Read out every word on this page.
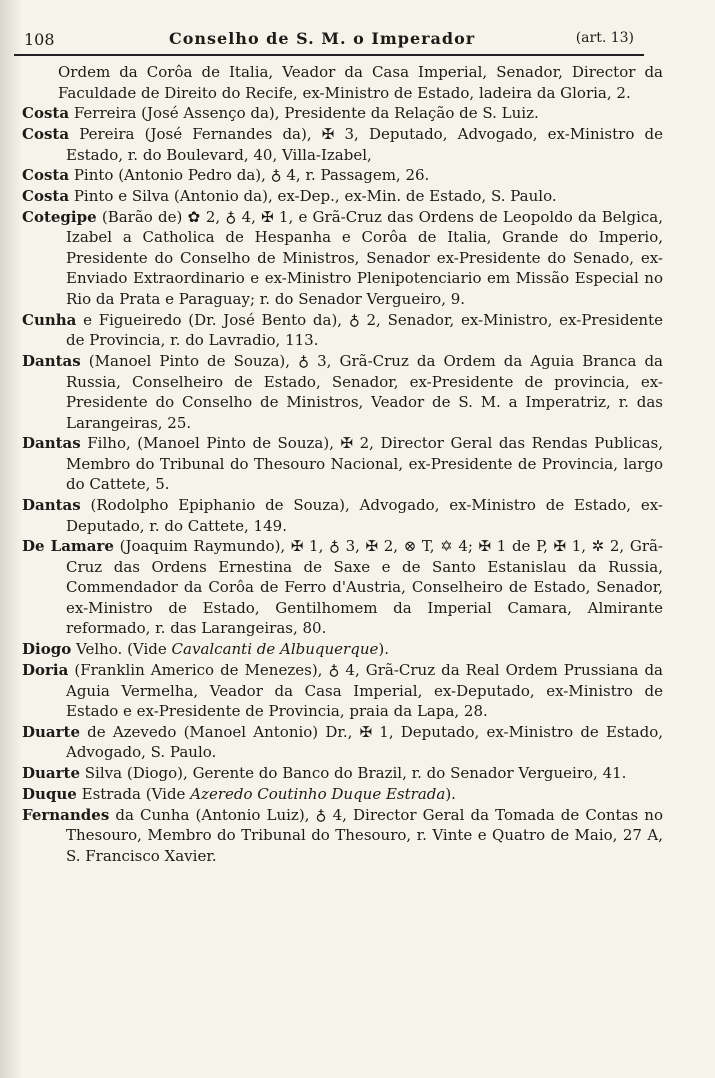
108	Conselho de S. M. o Imperador	(art. 13)
Ordem da Corôa de Italia, Veador da Casa Imperial, Senador, Director da Faculdade de Direito do Recife, ex-Ministro de Estado, ladeira da Gloria, 2.
Costa Ferreira (José Assenço da), Presidente da Relação de S. Luiz.
Costa Pereira (José Fernandes da), ✠ 3, Deputado, Advogado, ex-Ministro de Estado, r. do Boulevard, 40, Villa-Izabel,
Costa Pinto (Antonio Pedro da), ♁ 4, r. Passagem, 26.
Costa Pinto e Silva (Antonio da), ex-Dep., ex-Min. de Estado, S. Paulo.
Cotegipe (Barão de) ✿ 2, ♁ 4, ✠ 1, e Grã-Cruz das Ordens de Leopoldo da Belgica, Izabel a Catholica de Hespanha e Corôa de Italia, Grande do Imperio, Presidente do Conselho de Ministros, Senador ex-Presidente do Senado, ex-Enviado Extraordinario e ex-Ministro Plenipotenciario em Missão Especial no Rio da Prata e Paraguay; r. do Senador Vergueiro, 9.
Cunha e Figueiredo (Dr. José Bento da), ♁ 2, Senador, ex-Ministro, ex-Presidente de Provincia, r. do Lavradio, 113.
Dantas (Manoel Pinto de Souza), ♁ 3, Grã-Cruz da Ordem da Aguia Branca da Russia, Conselheiro de Estado, Senador, ex-Presidente de provincia, ex-Presidente do Conselho de Ministros, Veador de S. M. a Imperatriz, r. das Larangeiras, 25.
Dantas Filho, (Manoel Pinto de Souza), ✠ 2, Director Geral das Rendas Publicas, Membro do Tribunal do Thesouro Nacional, ex-Presidente de Provincia, largo do Cattete, 5.
Dantas (Rodolpho Epiphanio de Souza), Advogado, ex-Ministro de Estado, ex-Deputado, r. do Cattete, 149.
De Lamare (Joaquim Raymundo), ✠ 1, ♁ 3, ✠ 2, ⊗ T, ✡ 4; ✠ 1 de P, ✠ 1, ✲ 2, Grã-Cruz das Ordens Ernestina de Saxe e de Santo Estanislau da Russia, Commendador da Corôa de Ferro d'Austria, Conselheiro de Estado, Senador, ex-Ministro de Estado, Gentilhomem da Imperial Camara, Almirante reformado, r. das Larangeiras, 80.
Diogo Velho. (Vide Cavalcanti de Albuquerque).
Doria (Franklin Americo de Menezes), ♁ 4, Grã-Cruz da Real Ordem Prussiana da Aguia Vermelha, Veador da Casa Imperial, ex-Deputado, ex-Ministro de Estado e ex-Presidente de Provincia, praia da Lapa, 28.
Duarte de Azevedo (Manoel Antonio) Dr., ✠ 1, Deputado, ex-Ministro de Estado, Advogado, S. Paulo.
Duarte Silva (Diogo), Gerente do Banco do Brazil, r. do Senador Vergueiro, 41.
Duque Estrada (Vide Azeredo Coutinho Duque Estrada).
Fernandes da Cunha (Antonio Luiz), ♁ 4, Director Geral da Tomada de Contas no Thesouro, Membro do Tribunal do Thesouro, r. Vinte e Quatro de Maio, 27 A, S. Francisco Xavier.
